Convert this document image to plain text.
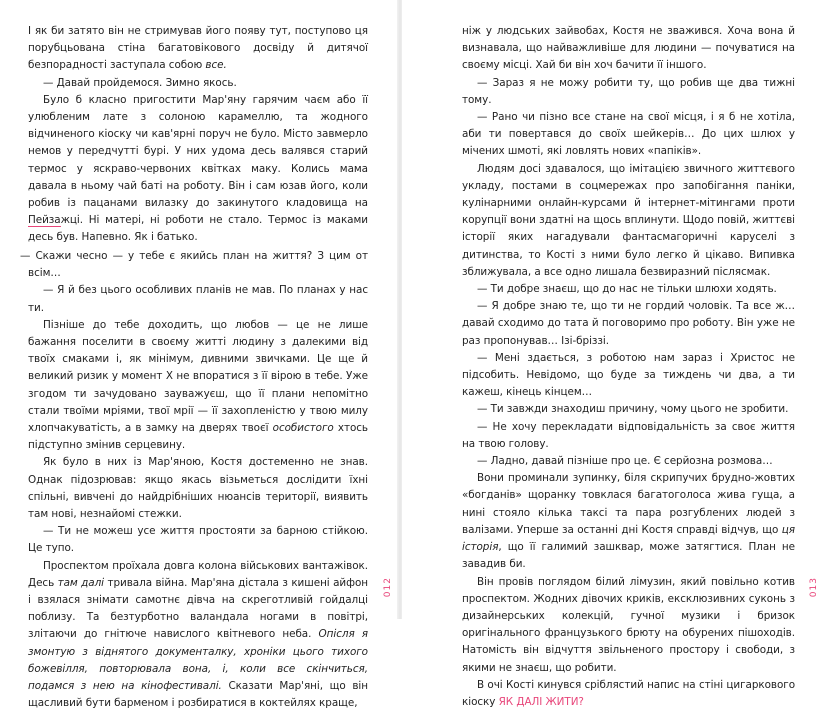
І як би затято він не стримував його появу тут, поступово ця порубцьована стіна багатовікового досвіду й дитячої безпорадності заступала собою все.

— Давай пройдемося. Зимно якось.

Було б класно пригостити Мар'яну гарячим чаєм або її улюбленим лате з солоною карамеллю, та жодного відчиненого кіоску чи кав'ярні поруч не було. Місто завмерло немов у передчутті бурі. У них удома десь валявся старий термос у яскраво-червоних квітках маку. Колись мама давала в ньому чай баті на роботу. Він і сам юзав його, коли робив із пацанами вилазку до закинутого кладовища на Пейзажці. Ні матері, ні роботи не стало. Термос із маками десь був. Напевно. Як і батько.

— Скажи чесно — у тебе є якийсь план на життя? З цим от всім…

— Я й без цього особливих планів не мав. По планах у нас ти.

Пізніше до тебе доходить, що любов — це не лише бажання поселити в своєму житті людину з далекими від твоїх смаками і, як мінімум, дивними звичками. Це ще й великий ризик у момент Х не впоратися з її вірою в тебе. Уже згодом ти зачудовано зауважуєш, що її плани непомітно стали твоїми мріями, твої мрії — її захопленістю у твою милу хлопчакуватість, а в замку на дверях твоєї особистого хтось підступно змінив серцевину.

Як було в них із Мар'яною, Костя достеменно не знав. Однак підозрював: якщо якась візьметься дослідити їхні спільні, вивчені до найдрібніших нюансів території, виявить там нові, незнайомі стежки.

— Ти не можеш усе життя простояти за барною стійкою. Це тупо.

Проспектом проїхала довга колона військових вантажівок. Десь там далі тривала війна. Мар'яна дістала з кишені айфон і взялася знімати самотнє дівча на скреготливій гойдалці поблизу. Та безтурботно валандала ногами в повітрі, злітаючи до гнітюче навислого квітневого неба. Опісля я змонтую з віднятого документалку, хроніки цього тихого божевілля, повторювала вона, і, коли все скінчиться, подамся з нею на кінофестивалі. Сказати Мар'яні, що він щасливий бути барменом і розбиратися в коктейлях краще,

012

ніж у людських зайвобах, Костя не зважився. Хоча вона й визнавала, що найважливіше для людини — почуватися на своєму місці. Хай би він хоч бачити її іншого.

— Зараз я не можу робити ту, що робив ще два тижні тому.

— Рано чи пізно все стане на свої місця, і я б не хотіла, аби ти повертався до своїх шейкерів… До цих шлюх у мічених шмоті, які ловлять нових «папіків».

Людям досі здавалося, що імітацією звичного життєвого укладу, постами в соцмережах про запобігання паніки, кулінарними онлайн-курсами й інтернет-мітингами проти корупції вони здатні на щось вплинути. Щодо повій, життєві історії яких нагадували фантасмагоричні каруселі з дитинства, то Кості з ними було легко й цікаво. Випивка зближувала, а все одно лишала безвиразний післясмак.

— Ти добре знаєш, що до нас не тільки шлюхи ходять.

— Я добре знаю те, що ти не гордий чоловік. Та все ж… давай сходимо до тата й поговоримо про роботу. Він уже не раз пропонував… Ізі-бріззі.

— Мені здається, з роботою нам зараз і Христос не підсобить. Невідомо, що буде за тиждень чи два, а ти кажеш, кінець кінцем…

— Ти завжди знаходиш причину, чому цього не зробити.

— Не хочу перекладати відповідальність за своє життя на твою голову.

— Ладно, давай пізніше про це. Є серйозна розмова…

Вони проминали зупинку, біля скрипучих брудно-жовтих «богданів» щоранку товклася багатоголоса жива гуща, а нині стояло кілька таксі та пара розгублених людей з валізами. Уперше за останні дні Костя справді відчув, що ця історія, що її галимий зашквар, може затягтися. План не завадив би.

Він провів поглядом білий лімузин, який повільно котив проспектом. Жодних дівочих криків, ексклюзивних суконь з дизайнерських колекцій, гучної музики і бризок оригінального французького брюту на обурених пішоходів. Натомість він відчуття звільненого простору і свободи, з якими не знаєш, що робити.

В очі Кості кинувся сріблястий напис на стіні цигаркового кіоску ЯК ДАЛІ ЖИТИ?

013
